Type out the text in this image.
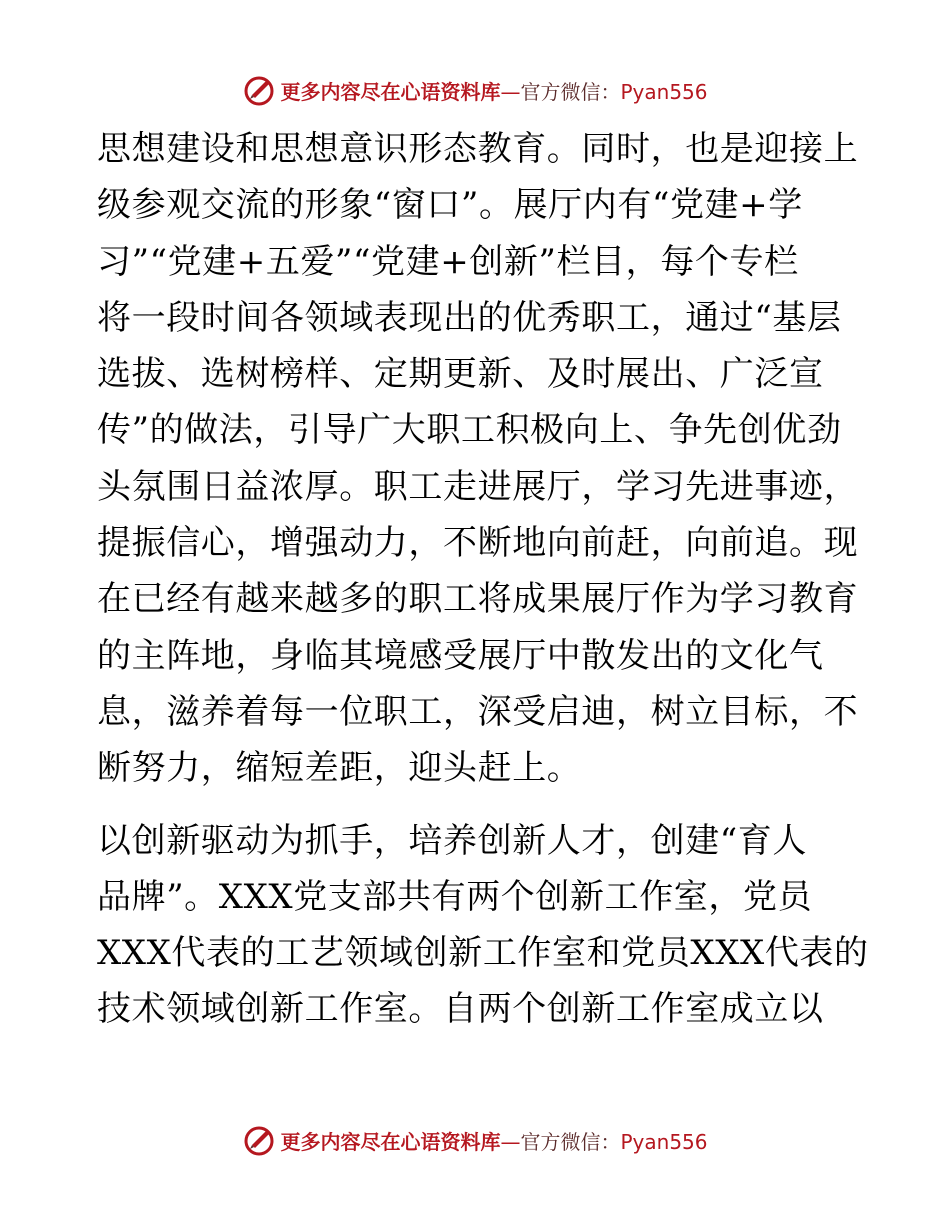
更多内容尽在心语资料库—官方微信：Pyan556
思想建设和思想意识形态教育。同时，也是迎接上
级参观交流的形象“窗口”。展厅内有“党建+学
习”“党建+五爱”“党建+创新”栏目，每个专栏
将一段时间各领域表现出的优秀职工，通过“基层
选拔、选树榜样、定期更新、及时展出、广泛宣
传”的做法，引导广大职工积极向上、争先创优劲
头氛围日益浓厚。职工走进展厅，学习先进事迹，
提振信心，增强动力，不断地向前赶，向前追。现
在已经有越来越多的职工将成果展厅作为学习教育
的主阵地，身临其境感受展厅中散发出的文化气
息，滋养着每一位职工，深受启迪，树立目标，不
断努力，缩短差距，迎头赶上。
以创新驱动为抓手，培养创新人才，创建“育人
品牌”。XXX党支部共有两个创新工作室，党员
XXX代表的工艺领域创新工作室和党员XXX代表的
技术领域创新工作室。自两个创新工作室成立以
更多内容尽在心语资料库—官方微信：Pyan556
